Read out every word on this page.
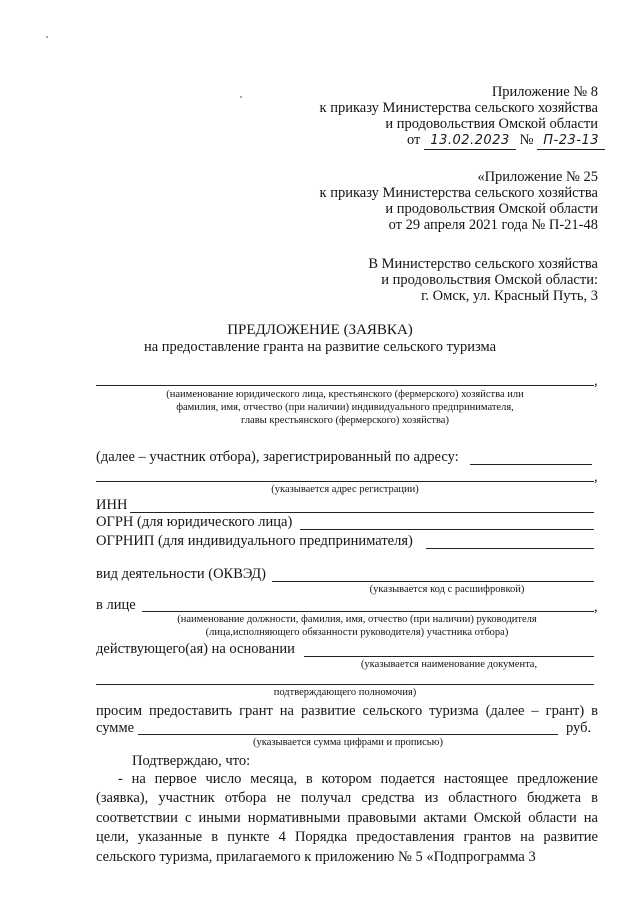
Приложение № 8
к приказу Министерства сельского хозяйства
и продовольствия Омской области
от 13.02.2023 № П-23-13
«Приложение № 25
к приказу Министерства сельского хозяйства
и продовольствия Омской области
от 29 апреля 2021 года № П-21-48
В Министерство сельского хозяйства
и продовольствия Омской области:
г. Омск, ул. Красный Путь, 3
ПРЕДЛОЖЕНИЕ (ЗАЯВКА)
на предоставление гранта на развитие сельского туризма
,
(наименование юридического лица, крестьянского (фермерского) хозяйства или
фамилия, имя, отчество (при наличии) индивидуального предпринимателя,
главы крестьянского (фермерского) хозяйства)
(далее – участник отбора), зарегистрированный по адресу:
,
(указывается адрес регистрации)
ИНН
ОГРН (для юридического лица)
ОГРНИП (для индивидуального предпринимателя)
вид деятельности (ОКВЭД)
(указывается код с расшифровкой)
в лице	,
(наименование должности, фамилия, имя, отчество (при наличии) руководителя
(лица,исполняющего обязанности руководителя) участника отбора)
действующего(ая) на основании
(указывается наименование документа,
подтверждающего полномочия)
просим предоставить грант на развитие сельского туризма (далее – грант) в
сумме	руб.
(указывается сумма цифрами и прописью)
Подтверждаю, что:

- на первое число месяца, в котором подается настоящее предложение (заявка), участник отбора не получал средства из областного бюджета в соответствии с иными нормативными правовыми актами Омской области на цели, указанные в пункте 4 Порядка предоставления грантов на развитие сельского туризма, прилагаемого к приложению № 5 «Подпрограмма 3
